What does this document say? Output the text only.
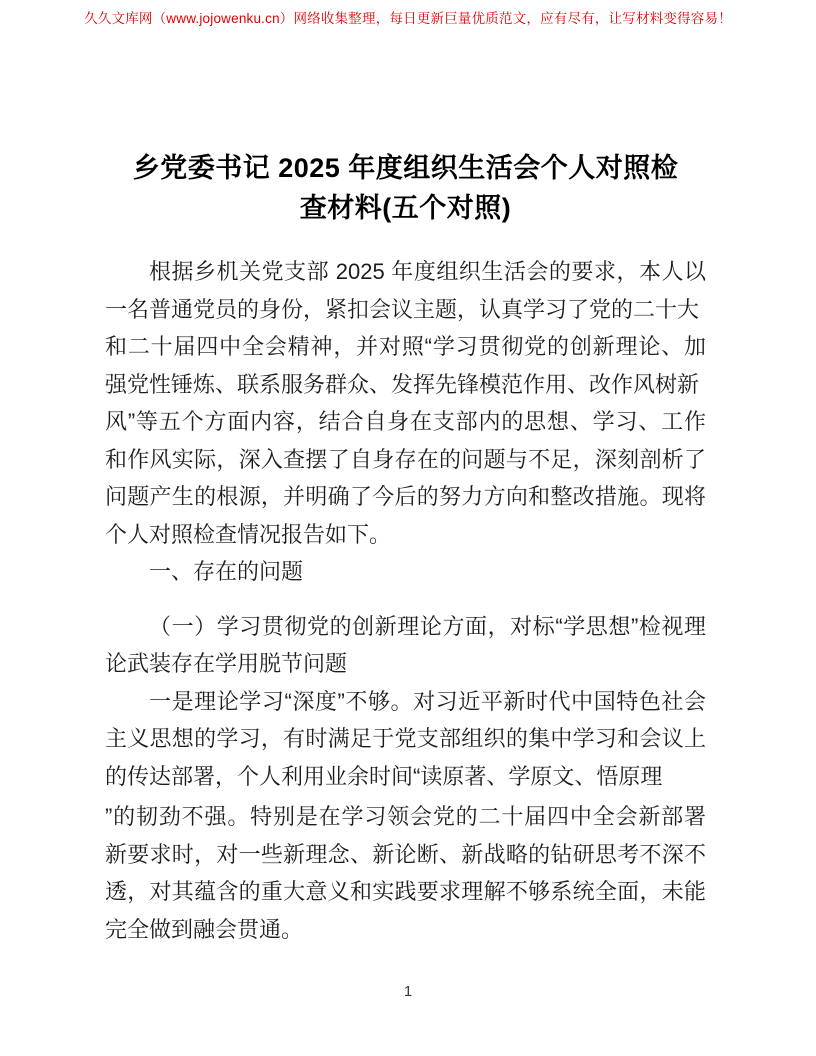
久久文库网（www.jojowenku.cn）网络收集整理，每日更新巨量优质范文，应有尽有，让写材料变得容易！
乡党委书记 2025 年度组织生活会个人对照检查材料(五个对照)

根据乡机关党支部 2025 年度组织生活会的要求，本人以一名普通党员的身份，紧扣会议主题，认真学习了党的二十大

和二十届四中全会精神，并对照“学习贯彻党的创新理论、加强党性锤炼、联系服务群众、发挥先锋模范作用、改作风树新

风”等五个方面内容，结合自身在支部内的思想、学习、工作和作风实际，深入查摆了自身存在的问题与不足，深刻剖析了问题产生的根源，并明确了今后的努力方向和整改措施。现将个人对照检查情况报告如下。

一、存在的问题

（一）学习贯彻党的创新理论方面，对标“学思想”检视理论武装存在学用脱节问题

一是理论学习“深度”不够。对习近平新时代中国特色社会主义思想的学习，有时满足于党支部组织的集中学习和会议上的传达部署，个人利用业余时间“读原著、学原文、悟原理

”的韧劲不强。特别是在学习领会党的二十届四中全会新部署新要求时，对一些新理念、新论断、新战略的钻研思考不深不透，对其蕴含的重大意义和实践要求理解不够系统全面，未能完全做到融会贯通。

1
